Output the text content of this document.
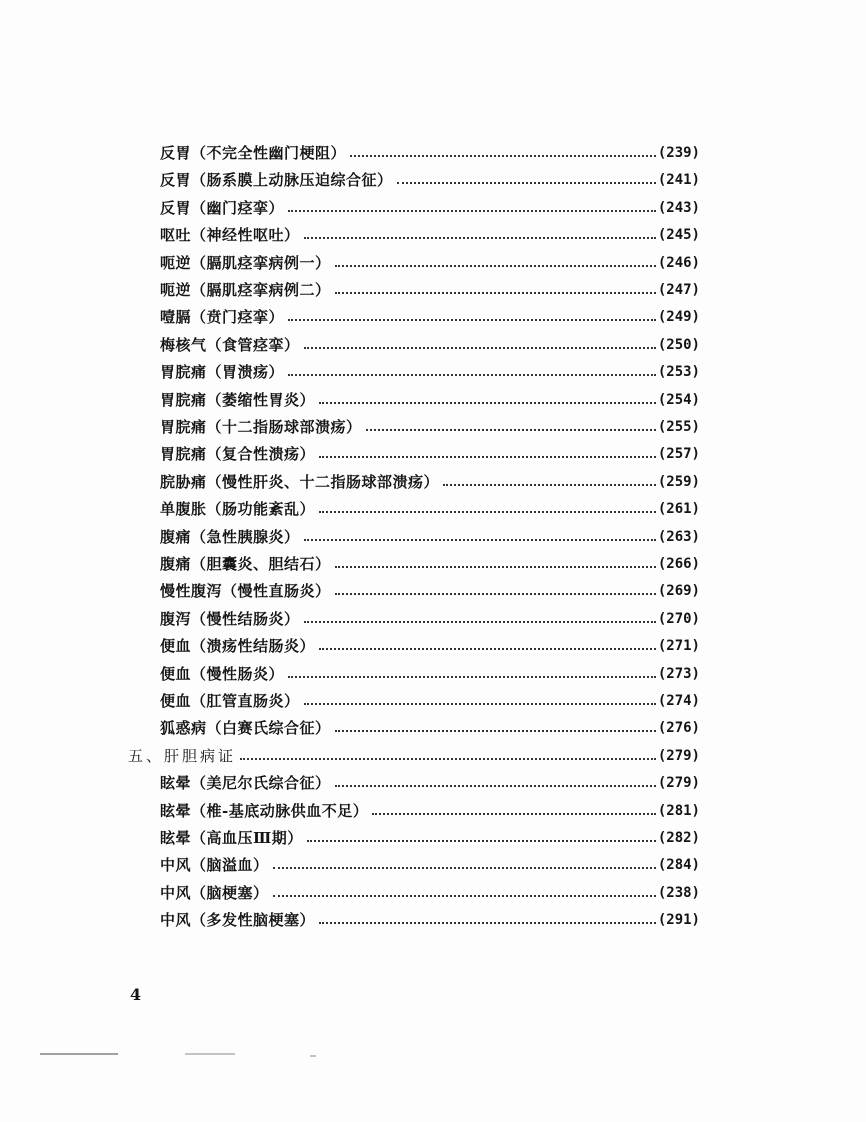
反胃（不完全性幽门梗阻）	(239)
反胃（肠系膜上动脉压迫综合征）	(241)
反胃（幽门痉挛）	(243)
呕吐（神经性呕吐）	(245)
呃逆（膈肌痉挛病例一）	(246)
呃逆（膈肌痉挛病例二）	(247)
噎膈（贲门痉挛）	(249)
梅核气（食管痉挛）	(250)
胃脘痛（胃溃疡）	(253)
胃脘痛（萎缩性胃炎）	(254)
胃脘痛（十二指肠球部溃疡）	(255)
胃脘痛（复合性溃疡）	(257)
脘胁痛（慢性肝炎、十二指肠球部溃疡）	(259)
单腹胀（肠功能紊乱）	(261)
腹痛（急性胰腺炎）	(263)
腹痛（胆囊炎、胆结石）	(266)
慢性腹泻（慢性直肠炎）	(269)
腹泻（慢性结肠炎）	(270)
便血（溃疡性结肠炎）	(271)
便血（慢性肠炎）	(273)
便血（肛管直肠炎）	(274)
狐惑病（白赛氏综合征）	(276)
五、肝胆病证	(279)
眩晕（美尼尔氏综合征）	(279)
眩晕（椎-基底动脉供血不足）	(281)
眩晕（高血压Ⅲ期）	(282)
中风（脑溢血）	(284)
中风（脑梗塞）	(238)
中风（多发性脑梗塞）	(291)
4
